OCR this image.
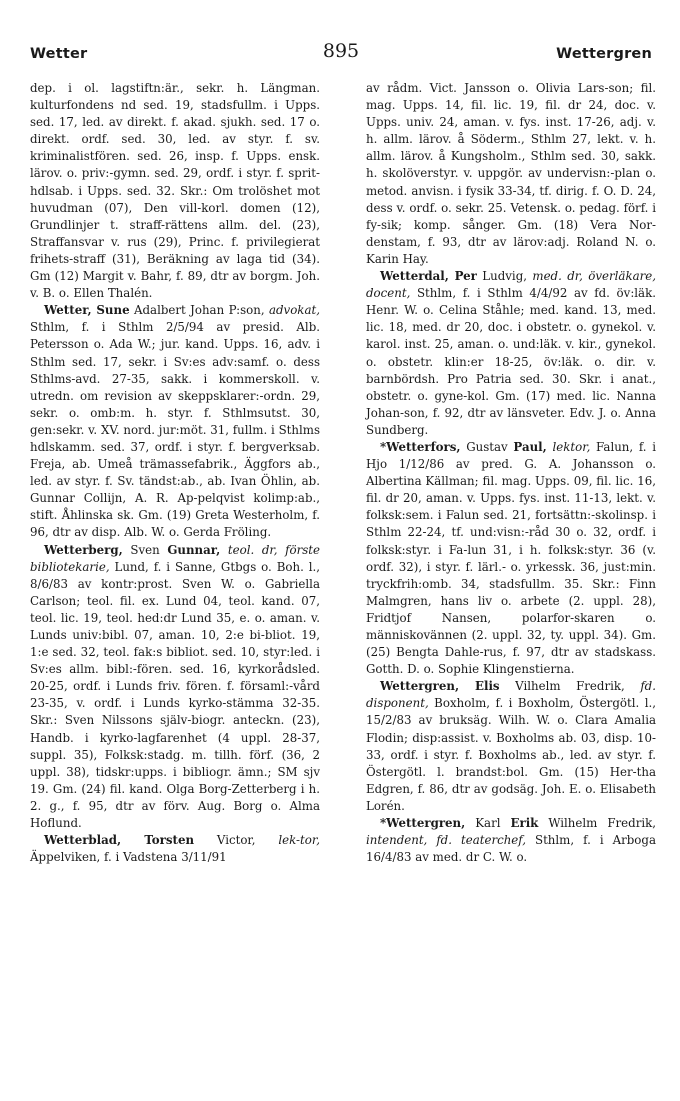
Wetter	895	Wettergren

dep. i ol. lagstiftn:är., sekr. h. Längman. kulturfondens nd sed. 19, stadsfullm. i Upps. sed. 17, led. av direkt. f. akad. sjukh. sed. 17 o. direkt. ordf. sed. 30, led. av styr. f. sv. kriminalistfören. sed. 26, insp. f. Upps. ensk. lärov. o. priv:-gymn. sed. 29, ordf. i styr. f. sprit-hdlsab. i Upps. sed. 32. Skr.: Om trolöshet mot huvudman (07), Den vill-korl. domen (12), Grundlinjer t. straff-rättens allm. del. (23), Straffansvar v. rus (29), Princ. f. privilegierat frihets-straff (31), Beräkning av laga tid (34). Gm (12) Margit v. Bahr, f. 89, dtr av borgm. Joh. v. B. o. Ellen Thalén.

Wetter, Sune Adalbert Johan P:son, advokat, Sthlm, f. i Sthlm 2/5/94 av presid. Alb. Petersson o. Ada W.; jur. kand. Upps. 16, adv. i Sthlm sed. 17, sekr. i Sv:es adv:samf. o. dess Sthlms-avd. 27-35, sakk. i kommerskoll. v. utredn. om revision av skeppsklarer:-ordn. 29, sekr. o. omb:m. h. styr. f. Sthlmsutst. 30, gen:sekr. v. XV. nord. jur:möt. 31, fullm. i Sthlms hdlskamm. sed. 37, ordf. i styr. f. bergverksab. Freja, ab. Umeå trämassefabrik., Äggfors ab., led. av styr. f. Sv. tändst:ab., ab. Ivan Öhlin, ab. Gunnar Collijn, A. R. Ap-pelqvist kolimp:ab., stift. Åhlinska sk. Gm. (19) Greta Westerholm, f. 96, dtr av disp. Alb. W. o. Gerda Fröling.

Wetterberg, Sven Gunnar, teol. dr, förste bibliotekarie, Lund, f. i Sanne, Gtbgs o. Boh. l., 8/6/83 av kontr:prost. Sven W. o. Gabriella Carlson; teol. fil. ex. Lund 04, teol. kand. 07, teol. lic. 19, teol. hed:dr Lund 35, e. o. aman. v. Lunds univ:bibl. 07, aman. 10, 2:e bi-bliot. 19, 1:e sed. 32, teol. fak:s bibliot. sed. 10, styr:led. i Sv:es allm. bibl:-fören. sed. 16, kyrkorådsled. 20-25, ordf. i Lunds friv. fören. f. församl:-vård 23-35, v. ordf. i Lunds kyrko-stämma 32-35. Skr.: Sven Nilssons själv-biogr. anteckn. (23), Handb. i kyrko-lagfarenhet (4 uppl. 28-37, suppl. 35), Folksk:stadg. m. tillh. förf. (36, 2 uppl. 38), tidskr:upps. i bibliogr. ämn.; SM sjv 19. Gm. (24) fil. kand. Olga Borg-Zetterberg i h. 2. g., f. 95, dtr av förv. Aug. Borg o. Alma Hoflund.

Wetterblad, Torsten Victor, lek-tor, Äppelviken, f. i Vadstena 3/11/91

av rådm. Vict. Jansson o. Olivia Lars-son; fil. mag. Upps. 14, fil. lic. 19, fil. dr 24, doc. v. Upps. univ. 24, aman. v. fys. inst. 17-26, adj. v. h. allm. lärov. å Söderm., Sthlm 27, lekt. v. h. allm. lärov. å Kungsholm., Sthlm sed. 30, sakk. h. skolöverstyr. v. uppgör. av undervisn:-plan o. metod. anvisn. i fysik 33-34, tf. dirig. f. O. D. 24, dess v. ordf. o. sekr. 25. Vetensk. o. pedag. förf. i fy-sik; komp. sånger. Gm. (18) Vera Nor-denstam, f. 93, dtr av lärov:adj. Roland N. o. Karin Hay.

Wetterdal, Per Ludvig, med. dr, överläkare, docent, Sthlm, f. i Sthlm 4/4/92 av fd. öv:läk. Henr. W. o. Celina Ståhle; med. kand. 13, med. lic. 18, med. dr 20, doc. i obstetr. o. gynekol. v. karol. inst. 25, aman. o. und:läk. v. kir., gynekol. o. obstetr. klin:er 18-25, öv:läk. o. dir. v. barnbördsh. Pro Patria sed. 30. Skr. i anat., obstetr. o. gyne-kol. Gm. (17) med. lic. Nanna Johan-son, f. 92, dtr av länsveter. Edv. J. o. Anna Sundberg.

*Wetterfors, Gustav Paul, lektor, Falun, f. i Hjo 1/12/86 av pred. G. A. Johansson o. Albertina Källman; fil. mag. Upps. 09, fil. lic. 16, fil. dr 20, aman. v. Upps. fys. inst. 11-13, lekt. v. folksk:sem. i Falun sed. 21, fortsättn:-skolinsp. i Sthlm 22-24, tf. und:visn:-råd 30 o. 32, ordf. i folksk:styr. i Fa-lun 31, i h. folksk:styr. 36 (v. ordf. 32), i styr. f. lärl.- o. yrkessk. 36, just:min. tryckfrih:omb. 34, stadsfullm. 35. Skr.: Finn Malmgren, hans liv o. arbete (2. uppl. 28), Fridtjof Nansen, polarfor-skaren o. människovännen (2. uppl. 32, ty. uppl. 34). Gm. (25) Bengta Dahle-rus, f. 97, dtr av stadskass. Gotth. D. o. Sophie Klingenstierna.

Wettergren, Elis Vilhelm Fredrik, fd. disponent, Boxholm, f. i Boxholm, Östergötl. l., 15/2/83 av bruksäg. Wilh. W. o. Clara Amalia Flodin; disp:assist. v. Boxholms ab. 03, disp. 10-33, ordf. i styr. f. Boxholms ab., led. av styr. f. Östergötl. l. brandst:bol. Gm. (15) Her-tha Edgren, f. 86, dtr av godsäg. Joh. E. o. Elisabeth Lorén.

*Wettergren, Karl Erik Wilhelm Fredrik, intendent, fd. teaterchef, Sthlm, f. i Arboga 16/4/83 av med. dr C. W. o.
